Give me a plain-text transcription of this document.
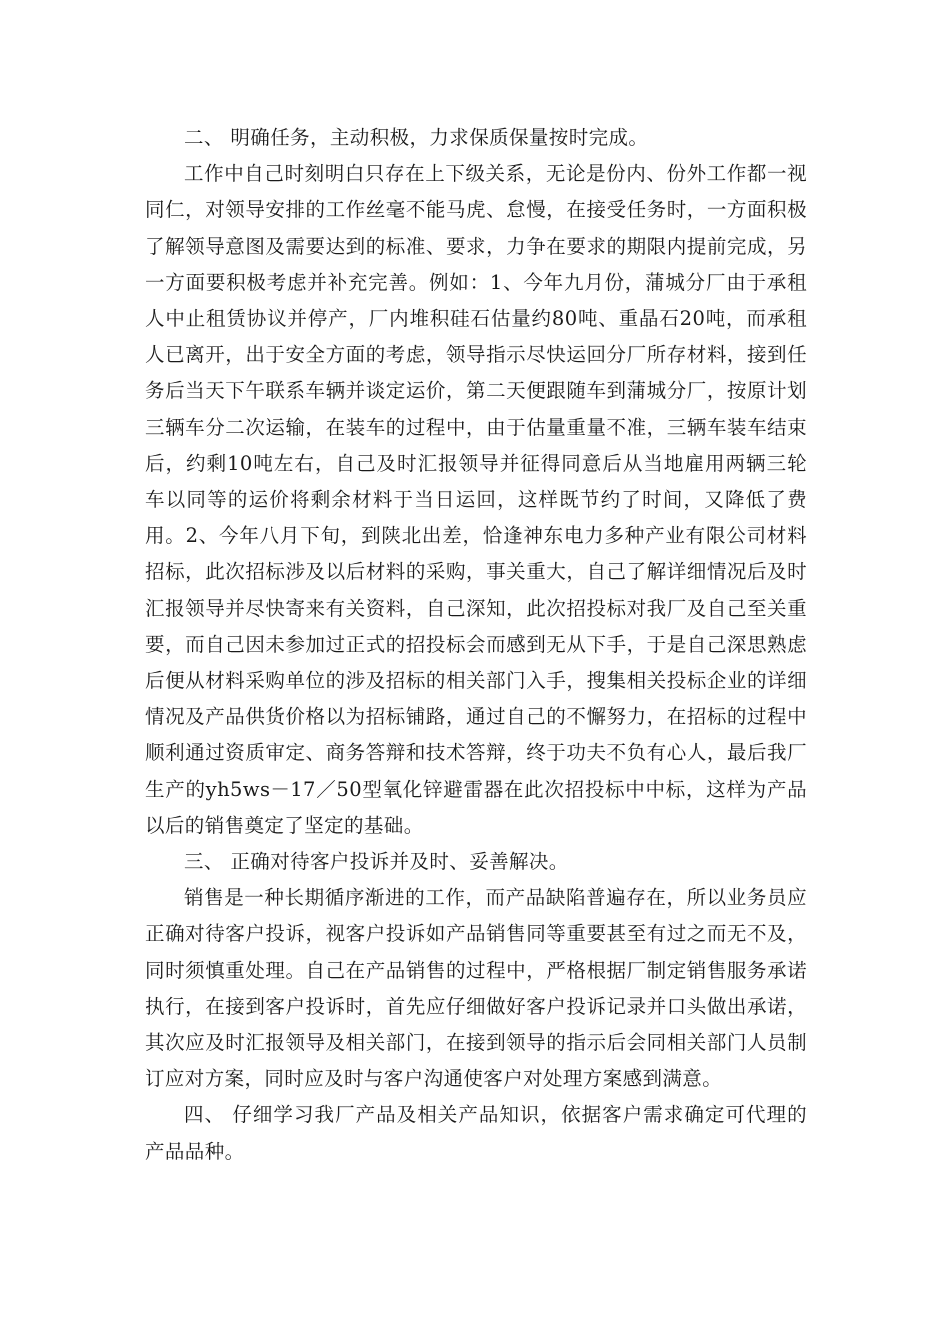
二、 明确任务，主动积极，力求保质保量按时完成。

工作中自己时刻明白只存在上下级关系，无论是份内、份外工作都一视同仁，对领导安排的工作丝毫不能马虎、怠慢，在接受任务时，一方面积极了解领导意图及需要达到的标准、要求，力争在要求的期限内提前完成，另一方面要积极考虑并补充完善。例如：1、今年九月份，蒲城分厂由于承租人中止租赁协议并停产，厂内堆积硅石估量约80吨、重晶石20吨，而承租人已离开，出于安全方面的考虑，领导指示尽快运回分厂所存材料，接到任务后当天下午联系车辆并谈定运价，第二天便跟随车到蒲城分厂，按原计划三辆车分二次运输，在装车的过程中，由于估量重量不准，三辆车装车结束后，约剩10吨左右，自己及时汇报领导并征得同意后从当地雇用两辆三轮车以同等的运价将剩余材料于当日运回，这样既节约了时间，又降低了费用。2、今年八月下旬，到陕北出差，恰逢神东电力多种产业有限公司材料招标，此次招标涉及以后材料的采购，事关重大，自己了解详细情况后及时汇报领导并尽快寄来有关资料，自己深知，此次招投标对我厂及自己至关重要，而自己因未参加过正式的招投标会而感到无从下手，于是自己深思熟虑后便从材料采购单位的涉及招标的相关部门入手，搜集相关投标企业的详细情况及产品供货价格以为招标铺路，通过自己的不懈努力，在招标的过程中顺利通过资质审定、商务答辩和技术答辩，终于功夫不负有心人，最后我厂生产的yh5ws－17／50型氧化锌避雷器在此次招投标中中标，这样为产品以后的销售奠定了坚定的基础。

三、 正确对待客户投诉并及时、妥善解决。

销售是一种长期循序渐进的工作，而产品缺陷普遍存在，所以业务员应正确对待客户投诉，视客户投诉如产品销售同等重要甚至有过之而无不及，同时须慎重处理。自己在产品销售的过程中，严格根据厂制定销售服务承诺执行，在接到客户投诉时，首先应仔细做好客户投诉记录并口头做出承诺，其次应及时汇报领导及相关部门，在接到领导的指示后会同相关部门人员制订应对方案，同时应及时与客户沟通使客户对处理方案感到满意。

四、 仔细学习我厂产品及相关产品知识，依据客户需求确定可代理的产品品种。
